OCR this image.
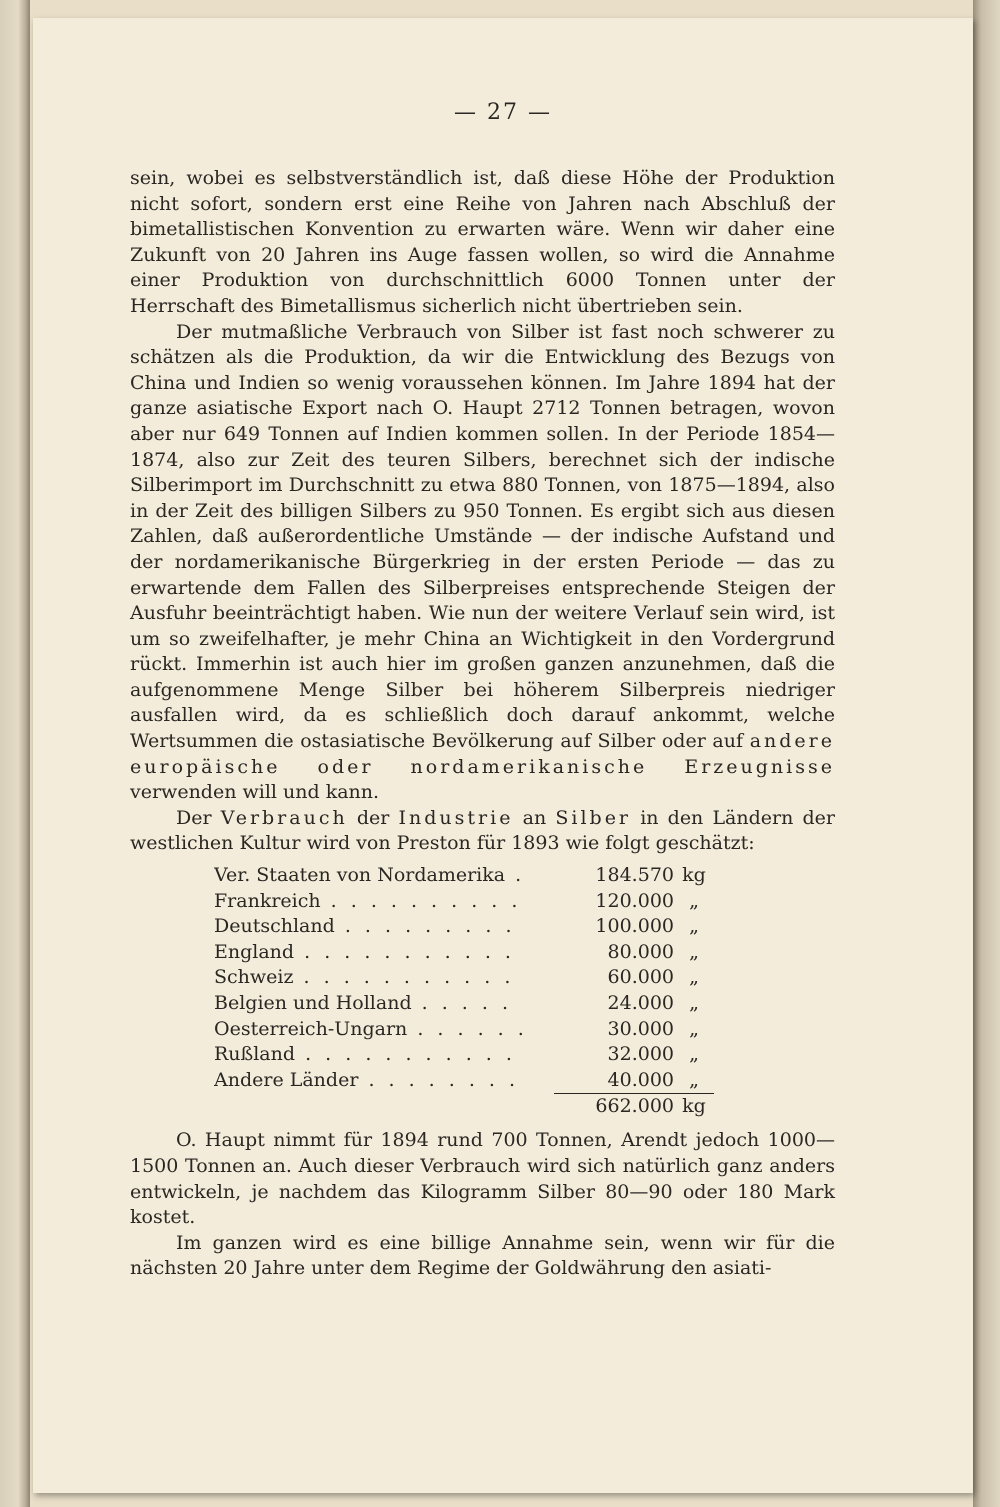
— 27 —

sein, wobei es selbstverständlich ist, daß diese Höhe der Produktion nicht sofort, sondern erst eine Reihe von Jahren nach Abschluß der bimetallistischen Konvention zu erwarten wäre. Wenn wir daher eine Zukunft von 20 Jahren ins Auge fassen wollen, so wird die Annahme einer Produktion von durchschnittlich 6000 Tonnen unter der Herrschaft des Bimetallismus sicherlich nicht übertrieben sein.

Der mutmaßliche Verbrauch von Silber ist fast noch schwerer zu schätzen als die Produktion, da wir die Entwicklung des Bezugs von China und Indien so wenig voraussehen können. Im Jahre 1894 hat der ganze asiatische Export nach O. Haupt 2712 Tonnen betragen, wovon aber nur 649 Tonnen auf Indien kommen sollen. In der Periode 1854—1874, also zur Zeit des teuren Silbers, berechnet sich der indische Silberimport im Durchschnitt zu etwa 880 Tonnen, von 1875—1894, also in der Zeit des billigen Silbers zu 950 Tonnen. Es ergibt sich aus diesen Zahlen, daß außerordentliche Umstände — der indische Aufstand und der nordamerikanische Bürgerkrieg in der ersten Periode — das zu erwartende dem Fallen des Silberpreises entsprechende Steigen der Ausfuhr beeinträchtigt haben. Wie nun der weitere Verlauf sein wird, ist um so zweifelhafter, je mehr China an Wichtigkeit in den Vordergrund rückt. Immerhin ist auch hier im großen ganzen anzunehmen, daß die aufgenommene Menge Silber bei höherem Silberpreis niedriger ausfallen wird, da es schließlich doch darauf ankommt, welche Wertsummen die ostasiatische Bevölkerung auf Silber oder auf andere europäische oder nordamerikanische Erzeugnisse verwenden will und kann.

Der Verbrauch der Industrie an Silber in den Ländern der westlichen Kultur wird von Preston für 1893 wie folgt geschätzt:

Ver. Staaten von Nordamerika .	184.570 kg
Frankreich . . . . . . . . . .	120.000 „
Deutschland . . . . . . . . .	100.000 „
England . . . . . . . . . . .	80.000 „
Schweiz . . . . . . . . . . .	60.000 „
Belgien und Holland . . . . .	24.000 „
Oesterreich-Ungarn . . . . . .	30.000 „
Rußland . . . . . . . . . . .	32.000 „
Andere Länder . . . . . . . .	40.000 „
662.000 kg

O. Haupt nimmt für 1894 rund 700 Tonnen, Arendt jedoch 1000—1500 Tonnen an. Auch dieser Verbrauch wird sich natürlich ganz anders entwickeln, je nachdem das Kilogramm Silber 80—90 oder 180 Mark kostet.

Im ganzen wird es eine billige Annahme sein, wenn wir für die nächsten 20 Jahre unter dem Regime der Goldwährung den asiati-
